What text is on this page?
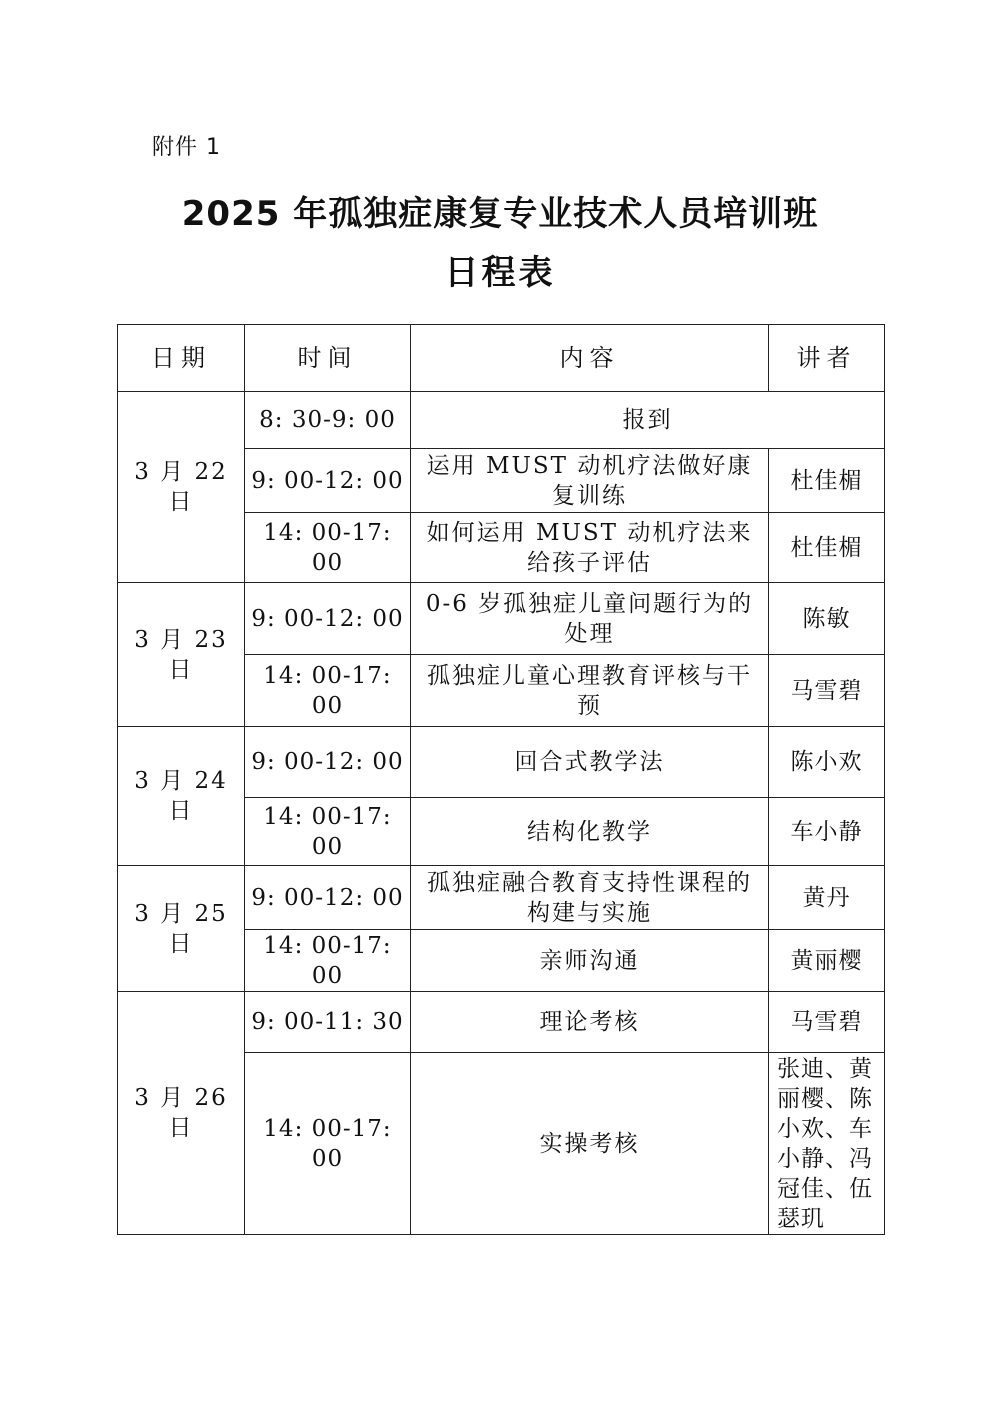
附件 1
2025 年孤独症康复专业技术人员培训班
日程表
日期	时间	内容	讲者
3 月 22 日	8: 30-9: 00	报到	
	9: 00-12: 00	运用 MUST 动机疗法做好康复训练	杜佳楣
	14: 00-17: 00	如何运用 MUST 动机疗法来给孩子评估	杜佳楣
3 月 23 日	9: 00-12: 00	0-6 岁孤独症儿童问题行为的处理	陈敏
	14: 00-17: 00	孤独症儿童心理教育评核与干预	马雪碧
3 月 24 日	9: 00-12: 00	回合式教学法	陈小欢
	14: 00-17: 00	结构化教学	车小静
3 月 25 日	9: 00-12: 00	孤独症融合教育支持性课程的构建与实施	黄丹
	14: 00-17: 00	亲师沟通	黄丽樱
3 月 26 日	9: 00-11: 30	理论考核	马雪碧
	14: 00-17: 00	实操考核	张迪、黄丽樱、陈小欢、车小静、冯冠佳、伍瑟玑
